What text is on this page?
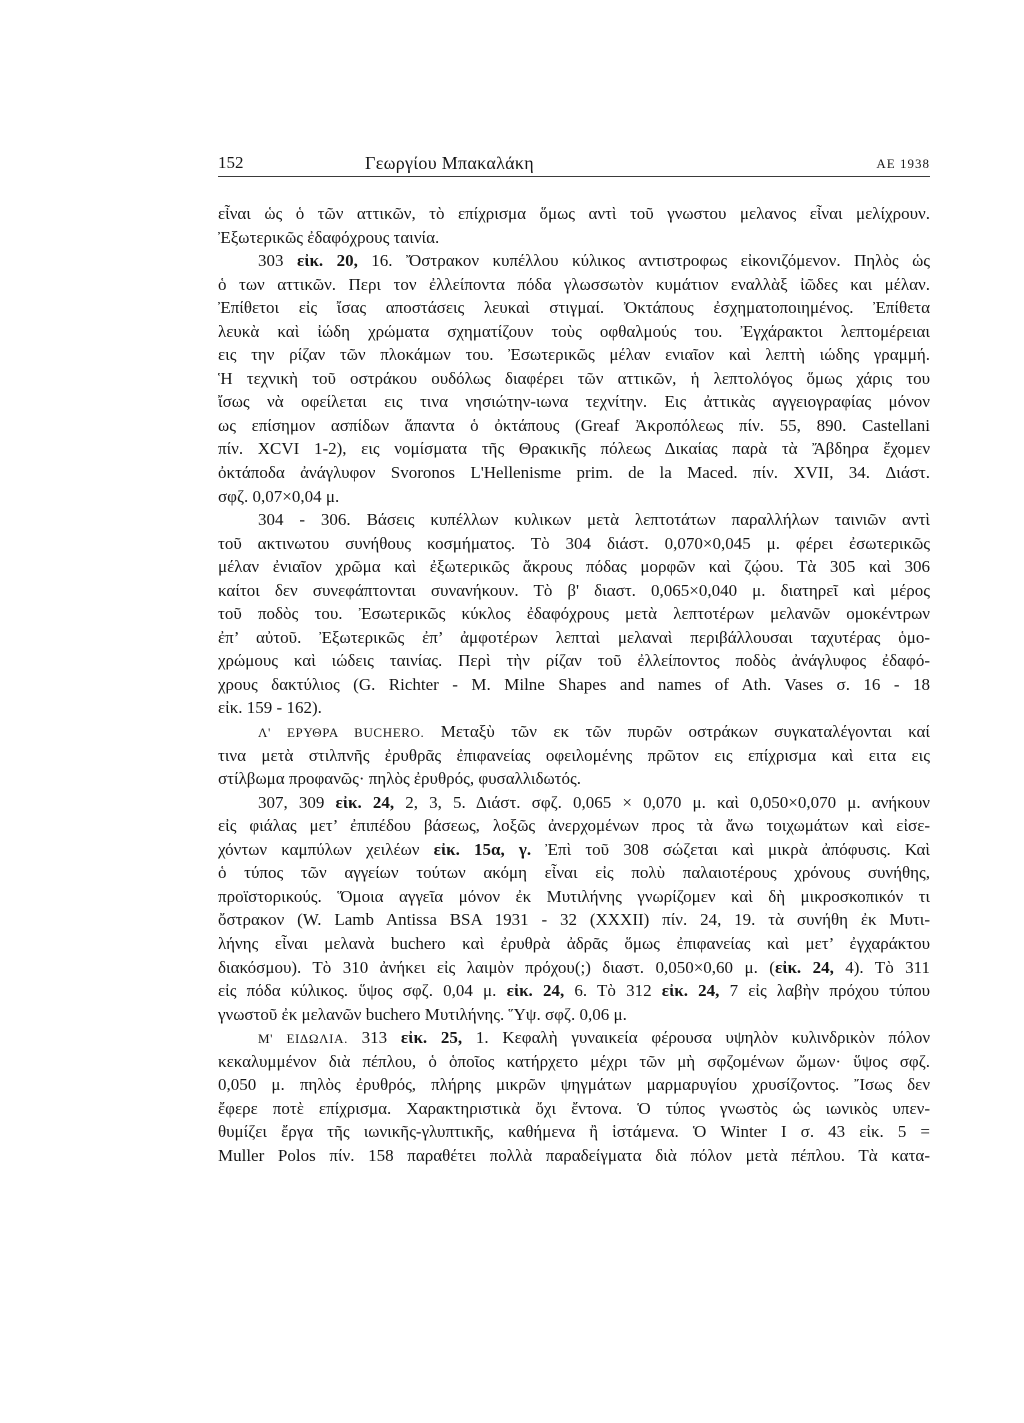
152	Γεωργίου Μπακαλάκη	ΑΕ 1938
εἶναι ὡς ὁ τῶν αττικῶν, τὸ επίχρισμα ὅμως αντὶ τοῦ γνωστου μελανος εἶναι μελίχρουν.
Ἐξωτερικῶς ἐδαφόχρους ταινία.
303 εἰκ. 20, 16. Ὄστρακον κυπέλλου κύλικος αντιστροφως εἰκονιζόμενον. Πηλὸς ὡς
ὁ των αττικῶν. Περι τον ἐλλείποντα πόδα γλωσσωτὸν κυμάτιον εναλλὰξ ἰῶδες και μέλαν.
Ἐπίθετοι εἰς ἴσας αποστάσεις λευκαὶ στιγμαί. Ὀκτάπους ἐσχηματοποιημένος. Ἐπίθετα
λευκὰ καὶ ἰώδη χρώματα σχηματίζουν τοὺς οφθαλμούς του. Ἐγχάρακτοι λεπτομέρειαι
εις την ρίζαν τῶν πλοκάμων του. Ἐσωτερικῶς μέλαν ενιαῖον καὶ λεπτὴ ιώδης γραμμή.
Ἡ τεχνικὴ τοῦ οστράκου ουδόλως διαφέρει τῶν αττικῶν, ἡ λεπτολόγος ὅμως χάρις του
ἴσως νὰ οφείλεται εις τινα νησιώτην-ιωνα τεχνίτην. Εις ἀττικὰς αγγειογραφίας μόνον
ως επίσημον ασπίδων ἅπαντα ὁ ὀκτάπους (Greaf Ἀκροπόλεως πίν. 55, 890. Castellani
πίν. XCVI 1-2), εις νομίσματα τῆς Θρακικῆς πόλεως Δικαίας παρὰ τὰ Ἄβδηρα ἔχομεν
ὀκτάποδα ἀνάγλυφον Svoronos L'Hellenisme prim. de la Maced. πίν. XVII, 34. Διάστ.
σφζ. 0,07×0,04 μ.
304 - 306. Βάσεις κυπέλλων κυλικων μετὰ λεπτοτάτων παραλλήλων ταινιῶν αντὶ
τοῦ ακτινωτου συνήθους κοσμήματος. Τὸ 304 διάστ. 0,070×0,045 μ. φέρει ἐσωτερικῶς
μέλαν ἐνιαῖον χρῶμα καὶ ἐξωτερικῶς ἄκρους πόδας μορφῶν καὶ ζῴου. Τὰ 305 καὶ 306
καίτοι δεν συνεφάπτονται συνανήκουν. Τὸ β' διαστ. 0,065×0,040 μ. διατηρεῖ καὶ μέρος
τοῦ ποδὸς του. Ἐσωτερικῶς κύκλος ἐδαφόχρους μετὰ λεπτοτέρων μελανῶν ομοκέντρων
ἐπ’ αὐτοῦ. Ἐξωτερικῶς ἐπ’ ἀμφοτέρων λεπταὶ μελαναὶ περιβάλλουσαι ταχυτέρας ὁμο-
χρώμους καὶ ιώδεις ταινίας. Περὶ τὴν ρίζαν τοῦ ἐλλείποντος ποδὸς ἀνάγλυφος ἐδαφό-
χρους δακτύλιος (G. Richter - M. Milne Shapes and names of Ath. Vases σ. 16 - 18
εἰκ. 159 - 162).
Λ' ΕΡΥΘΡΑ BUCHERO. Μεταξὺ τῶν εκ τῶν πυρῶν οστράκων συγκαταλέγονται καί
τινα μετὰ στιλπνῆς ἐρυθρᾶς ἐπιφανείας οφειλομένης πρῶτον εις επίχρισμα καὶ ειτα εις
στίλβωμα προφανῶς· πηλὸς ἐρυθρός, φυσαλλιδωτός.
307, 309 εἰκ. 24, 2, 3, 5. Διάστ. σφζ. 0,065 × 0,070 μ. καὶ 0,050×0,070 μ. ανήκουν
εἰς φιάλας μετ’ ἐπιπέδου βάσεως, λοξῶς ἀνερχομένων προς τὰ ἄνω τοιχωμάτων καὶ εἰσε-
χόντων καμπύλων χειλέων εἰκ. 15α, γ. Ἐπὶ τοῦ 308 σώζεται καὶ μικρὰ ἀπόφυσις. Καὶ
ὁ τύπος τῶν αγγείων τούτων ακόμη εἶναι εἰς πολὺ παλαιοτέρους χρόνους συνήθης,
προϊστορικούς. Ὅμοια αγγεῖα μόνον ἐκ Μυτιλήνης γνωρίζομεν καὶ δὴ μικροσκοπικόν τι
ὄστρακον (W. Lamb Antissa BSA 1931 - 32 (XXXII) πίν. 24, 19. τὰ συνήθη ἐκ Μυτι-
λήνης εἶναι μελανὰ buchero καὶ ἐρυθρὰ ἀδρᾶς ὅμως ἐπιφανείας καὶ μετ’ ἐγχαράκτου
διακόσμου). Τὸ 310 ἀνήκει εἰς λαιμὸν πρόχου(;) διαστ. 0,050×0,60 μ. (εἰκ. 24, 4). Τὸ 311
εἰς πόδα κύλικος. ὕψος σφζ. 0,04 μ. εἰκ. 24, 6. Τὸ 312 εἰκ. 24, 7 εἰς λαβὴν πρόχου τύπου
γνωστοῦ ἐκ μελανῶν buchero Μυτιλήνης. Ὕψ. σφζ. 0,06 μ.
Μ' ΕΙΔΩΛΙΑ. 313 εἰκ. 25, 1. Κεφαλὴ γυναικεία φέρουσα υψηλὸν κυλινδρικὸν πόλον
κεκαλυμμένον διὰ πέπλου, ὁ ὁποῖος κατήρχετο μέχρι τῶν μὴ σφζομένων ὤμων· ὕψος σφζ.
0,050 μ. πηλὸς ἐρυθρός, πλήρης μικρῶν ψηγμάτων μαρμαρυγίου χρυσίζοντος. Ἴσως δεν
ἔφερε ποτὲ επίχρισμα. Χαρακτηριστικὰ ὄχι ἔντονα. Ὁ τύπος γνωστὸς ὡς ιωνικὸς υπεν-
θυμίζει ἔργα τῆς ιωνικῆς-γλυπτικῆς, καθήμενα ἢ ἱστάμενα. Ὁ Winter I σ. 43 εἰκ. 5 =
Muller Polos πίν. 158 παραθέτει πολλὰ παραδείγματα διὰ πόλον μετὰ πέπλου. Τὰ κατα-
